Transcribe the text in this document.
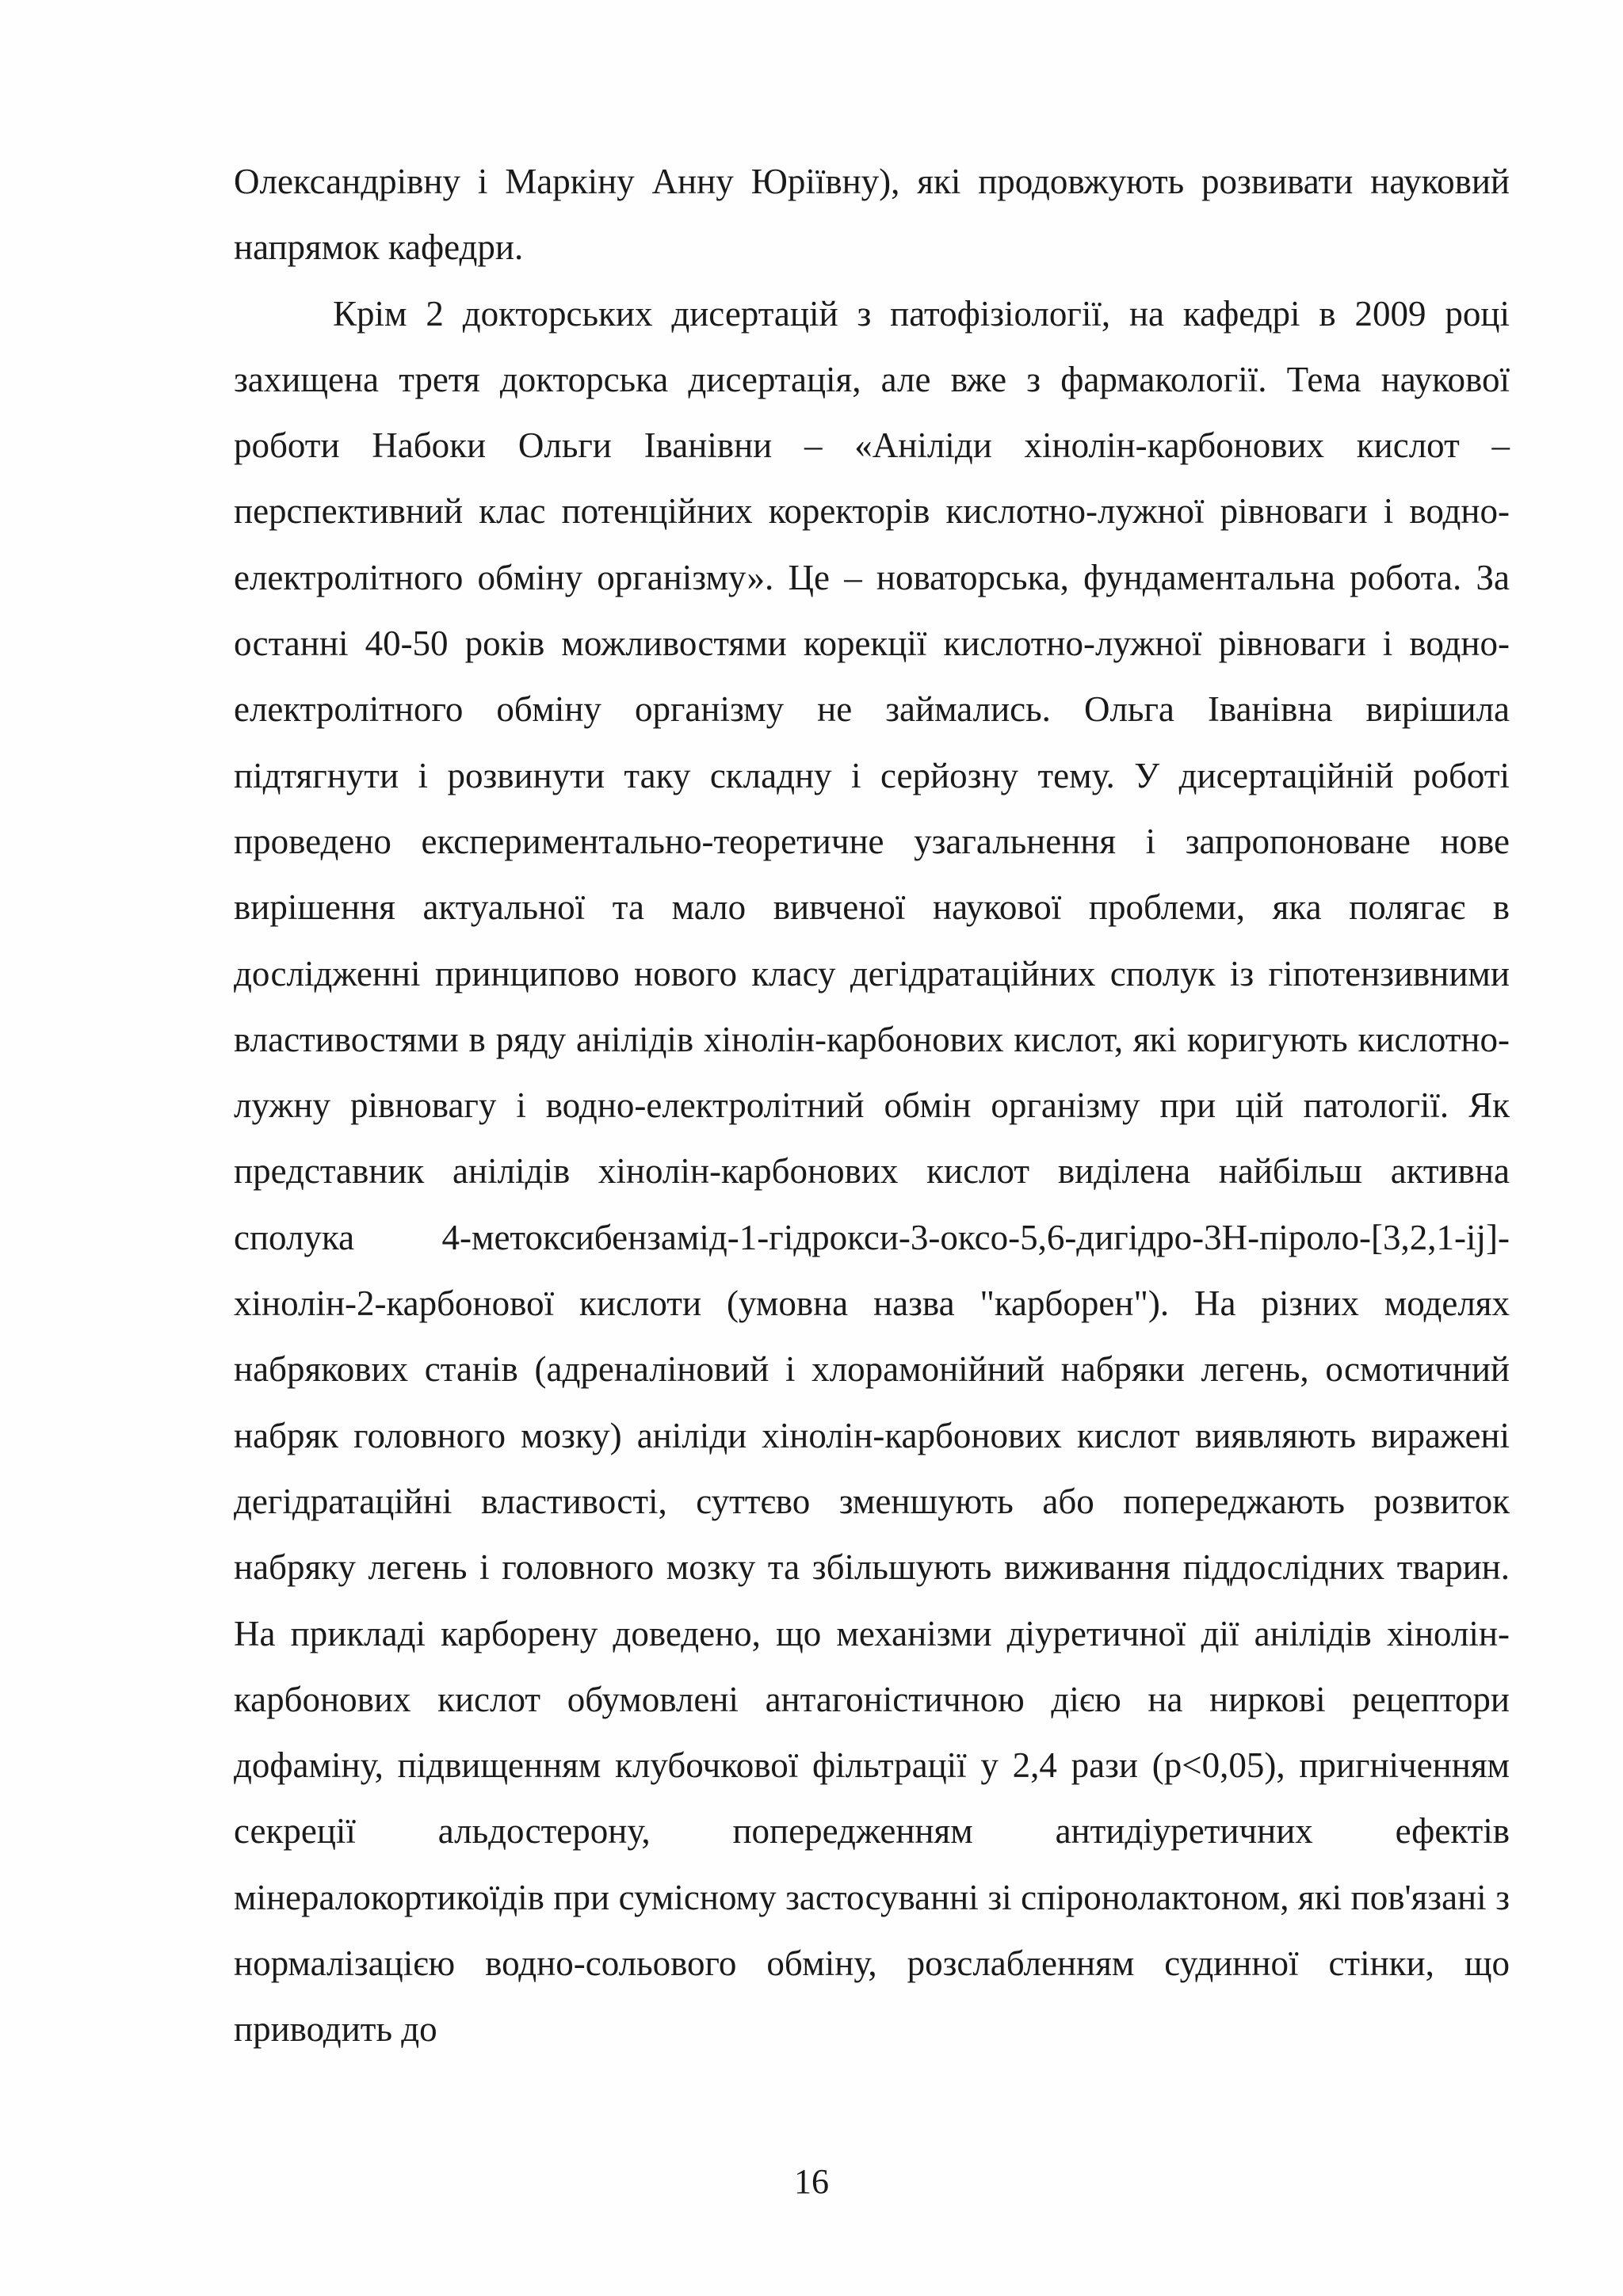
Олександрівну і Маркіну Анну Юріївну), які продовжують розвивати науковий напрямок кафедри.

Крім 2 докторських дисертацій з патофізіології, на кафедрі в 2009 році захищена третя докторська дисертація, але вже з фармакології. Тема наукової роботи Набоки Ольги Іванівни – «Аніліди хінолін-карбонових кислот – перспективний клас потенційних коректорів кислотно-лужної рівноваги і водно-електролітного обміну організму». Це – новаторська, фундаментальна робота. За останні 40-50 років можливостями корекції кислотно-лужної рівноваги і водно-електролітного обміну організму не займались. Ольга Іванівна вирішила підтягнути і розвинути таку складну і серйозну тему. У дисертаційній роботі проведено експериментально-теоретичне узагальнення і запропоноване нове вирішення актуальної та мало вивченої наукової проблеми, яка полягає в дослідженні принципово нового класу дегідратаційних сполук із гіпотензивними властивостями в ряду анілідів хінолін-карбонових кислот, які коригують кислотно-лужну рівновагу і водно-електролітний обмін організму при цій патології. Як представник анілідів хінолін-карбонових кислот виділена найбільш активна сполука 4-метоксибензамід-1-гідрокси-3-оксо-5,6-дигідро-3Н-піроло-[3,2,1-ij]-хінолін-2-карбонової кислоти (умовна назва "карборен"). На різних моделях набрякових станів (адреналіновий і хлорамонійний набряки легень, осмотичний набряк головного мозку) аніліди хінолін-карбонових кислот виявляють виражені дегідратаційні властивості, суттєво зменшують або попереджають розвиток набряку легень і головного мозку та збільшують виживання піддослідних тварин. На прикладі карборену доведено, що механізми діуретичної дії анілідів хінолін-карбонових кислот обумовлені антагоністичною дією на ниркові рецептори дофаміну, підвищенням клубочкової фільтрації у 2,4 рази (р<0,05), пригніченням секреції альдостерону, попередженням антидіуретичних ефектів мінералокортикоїдів при сумісному застосуванні зі спіронолактоном, які пов'язані з нормалізацією водно-сольового обміну, розслабленням судинної стінки, що приводить до

16
